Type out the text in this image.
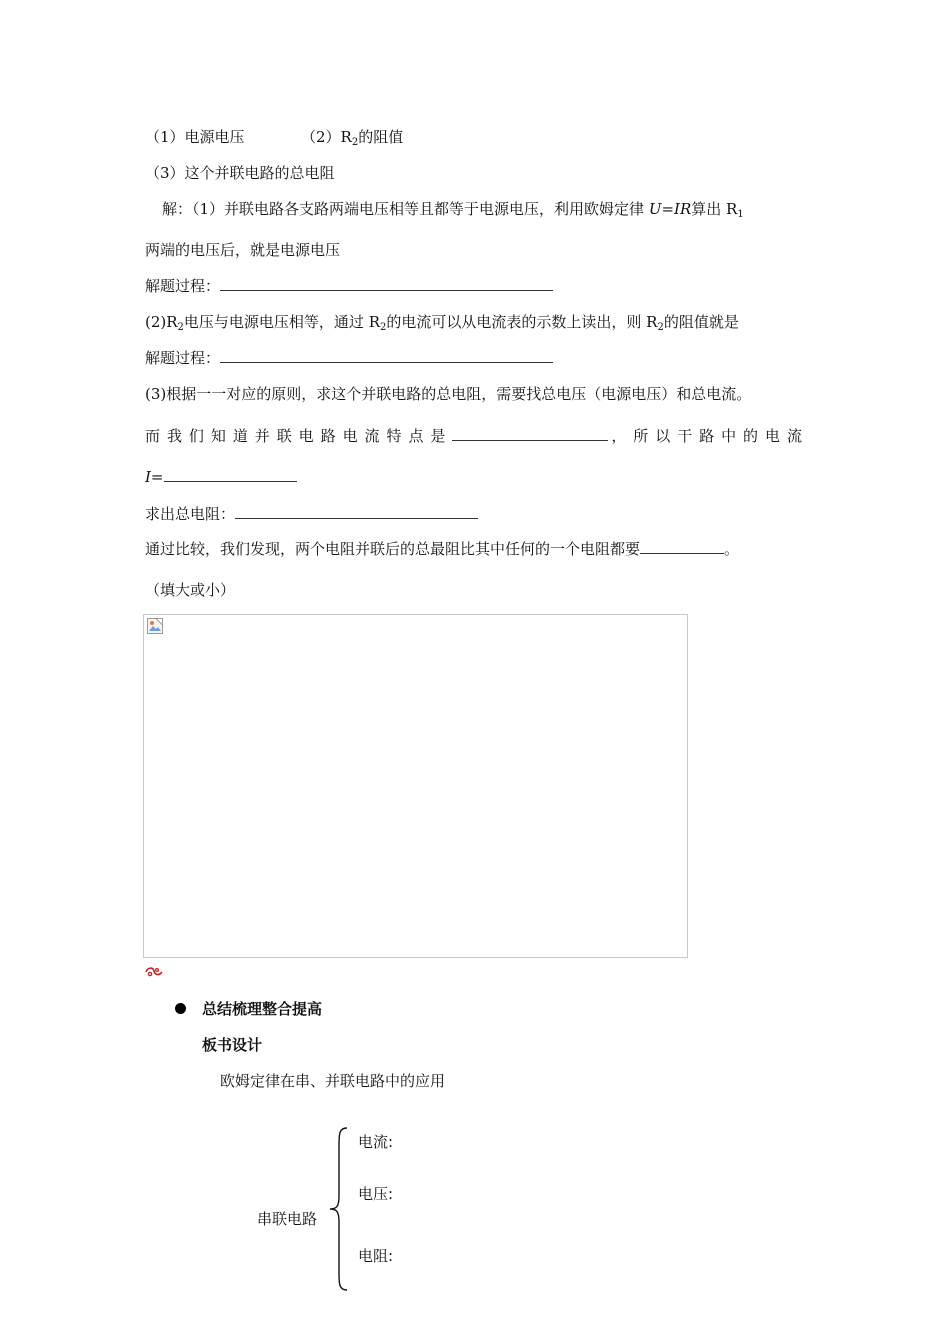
（1）电源电压	$(2)R_2$的阻值
（3）这个并联电路的总电阻
解：（1）并联电路各支路两端电压相等且都等于电源电压，利用欧姆定律 U=IR算出 $R_1$
两端的电压后，就是电源电压
解题过程：
$(2)R_2$电压与电源电压相等，通过 $R_2$的电流可以从电流表的示数上读出，则 $R_2$的阻值就是
解题过程：
(3)根据一一对应的原则，求这个并联电路的总电阻，需要找总电压（电源电压）和总电流。
而我们知道并联电路电流特点是	，所以干路中的电流
I=
求出总电阻：
通过比较，我们发现，两个电阻并联后的总最阻比其中任何的一个电阻都要	。
（填大或小）
总结梳理整合提高
板书设计
欧姆定律在串、并联电路中的应用
串联电路
电流:
电压:
电阻:
